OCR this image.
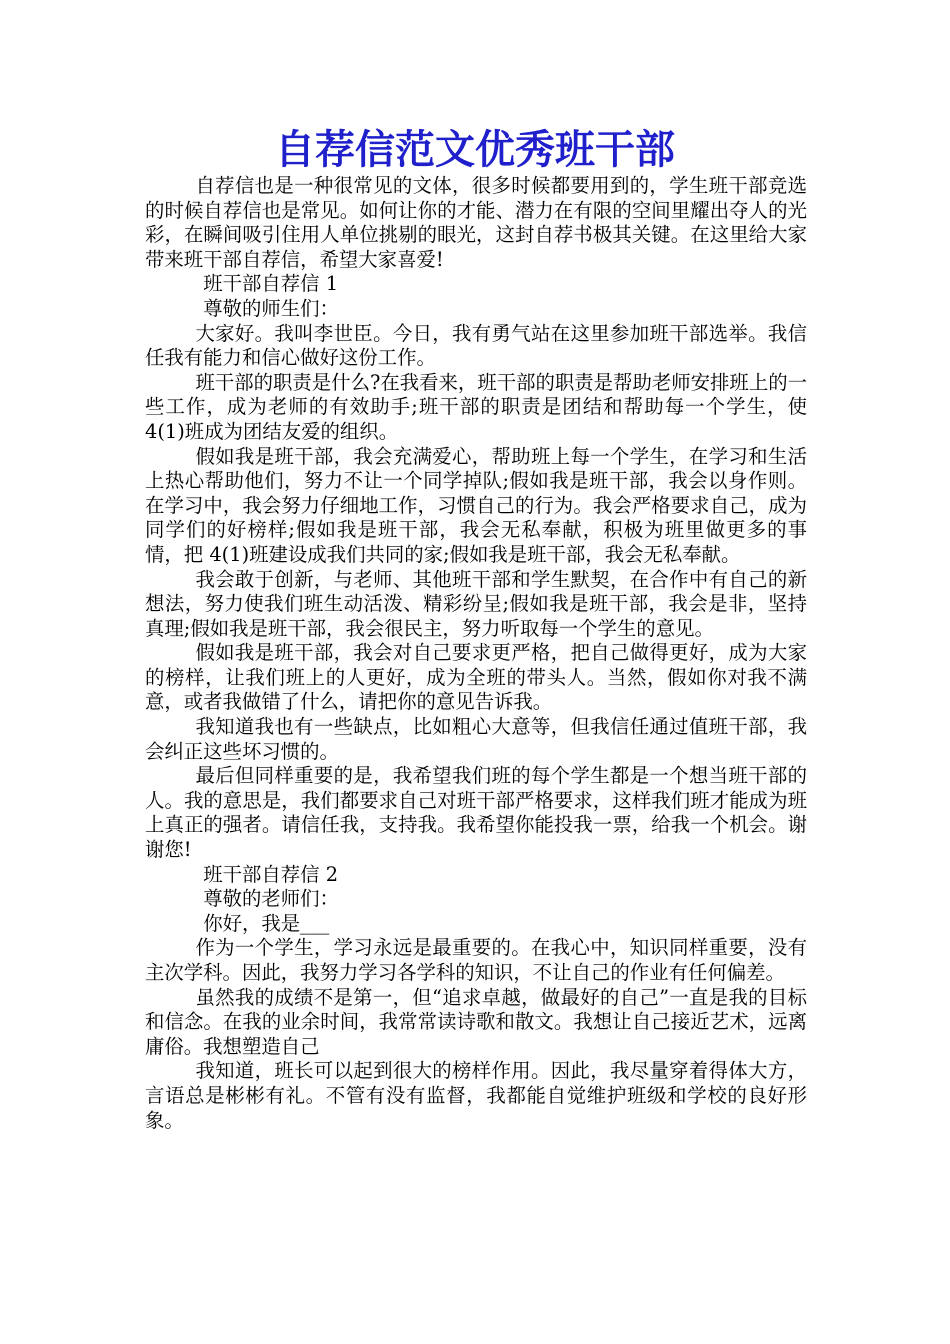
自荐信范文优秀班干部

自荐信也是一种很常见的文体，很多时候都要用到的，学生班干部竞选的时候自荐信也是常见。如何让你的才能、潜力在有限的空间里耀出夺人的光彩，在瞬间吸引住用人单位挑剔的眼光，这封自荐书极其关键。在这里给大家带来班干部自荐信，希望大家喜爱!

班干部自荐信 1

尊敬的师生们：

大家好。我叫李世臣。今日，我有勇气站在这里参加班干部选举。我信任我有能力和信心做好这份工作。

班干部的职责是什么?在我看来，班干部的职责是帮助老师安排班上的一些工作，成为老师的有效助手;班干部的职责是团结和帮助每一个学生，使 4(1)班成为团结友爱的组织。

假如我是班干部，我会充满爱心，帮助班上每一个学生，在学习和生活上热心帮助他们，努力不让一个同学掉队;假如我是班干部，我会以身作则。在学习中，我会努力仔细地工作，习惯自己的行为。我会严格要求自己，成为同学们的好榜样;假如我是班干部，我会无私奉献，积极为班里做更多的事情，把 4(1)班建设成我们共同的家;假如我是班干部，我会无私奉献。

我会敢于创新，与老师、其他班干部和学生默契，在合作中有自己的新想法，努力使我们班生动活泼、精彩纷呈;假如我是班干部，我会是非，坚持真理;假如我是班干部，我会很民主，努力听取每一个学生的意见。

假如我是班干部，我会对自己要求更严格，把自己做得更好，成为大家的榜样，让我们班上的人更好，成为全班的带头人。当然，假如你对我不满意，或者我做错了什么，请把你的意见告诉我。

我知道我也有一些缺点，比如粗心大意等，但我信任通过值班干部，我会纠正这些坏习惯的。

最后但同样重要的是，我希望我们班的每个学生都是一个想当班干部的人。我的意思是，我们都要求自己对班干部严格要求，这样我们班才能成为班上真正的强者。请信任我，支持我。我希望你能投我一票，给我一个机会。谢谢您!

班干部自荐信 2

尊敬的老师们：

你好，我是___

作为一个学生，学习永远是最重要的。在我心中，知识同样重要，没有主次学科。因此，我努力学习各学科的知识，不让自己的作业有任何偏差。

虽然我的成绩不是第一，但“追求卓越，做最好的自己”一直是我的目标和信念。在我的业余时间，我常常读诗歌和散文。我想让自己接近艺术，远离庸俗。我想塑造自己

我知道，班长可以起到很大的榜样作用。因此，我尽量穿着得体大方，言语总是彬彬有礼。不管有没有监督，我都能自觉维护班级和学校的良好形象。
